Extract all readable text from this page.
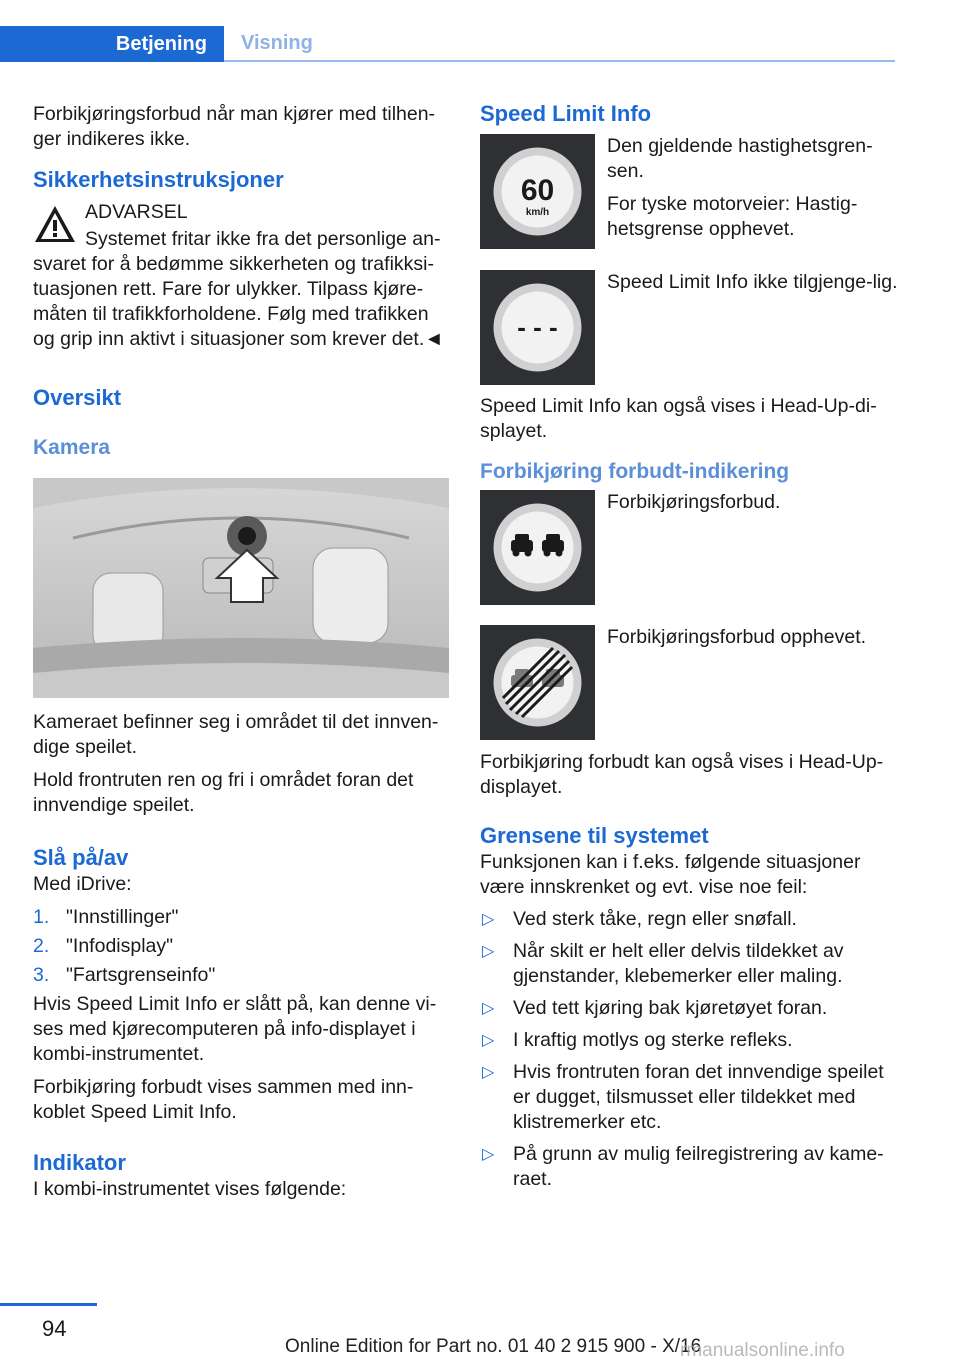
Betjening	Visning

Forbikjøringsforbud når man kjører med tilhen-ger indikeres ikke.

Sikkerhetsinstruksjoner

ADVARSEL

Systemet fritar ikke fra det personlige an-svaret for å bedømme sikkerheten og trafikksi-tuasjonen rett. Fare for ulykker. Tilpass kjøre-måten til trafikkforholdene. Følg med trafikken og grip inn aktivt i situasjoner som krever det.◄

Oversikt

Kamera

Kameraet befinner seg i området til det innven-dige speilet.

Hold frontruten ren og fri i området foran det innvendige speilet.

Slå på/av

Med iDrive:

1. "Innstillinger"
2. "Infodisplay"
3. "Fartsgrenseinfo"

Hvis Speed Limit Info er slått på, kan denne vi-ses med kjørecomputeren på info-displayet i kombi-instrumentet.

Forbikjøring forbudt vises sammen med inn-koblet Speed Limit Info.

Indikator

I kombi-instrumentet vises følgende:

Speed Limit Info

60
km/h

Den gjeldende hastighetsgren-sen.

For tyske motorveier: Hastig-hetsgrense opphevet.

- - -

Speed Limit Info ikke tilgjenge-lig.

Speed Limit Info kan også vises i Head-Up-di-splayet.

Forbikjøring forbudt-indikering

Forbikjøringsforbud.

Forbikjøringsforbud opphevet.

Forbikjøring forbudt kan også vises i Head-Up-displayet.

Grensene til systemet

Funksjonen kan i f.eks. følgende situasjoner være innskrenket og evt. vise noe feil:

▷ Ved sterk tåke, regn eller snøfall.
▷ Når skilt er helt eller delvis tildekket av gjenstander, klebemerker eller maling.
▷ Ved tett kjøring bak kjøretøyet foran.
▷ I kraftig motlys og sterke refleks.
▷ Hvis frontruten foran det innvendige speilet er dugget, tilsmusset eller tildekket med klistremerker etc.
▷ På grunn av mulig feilregistrering av kame-raet.
94
Online Edition for Part no. 01 40 2 915 900 - X/16
rmanualsonline.info
